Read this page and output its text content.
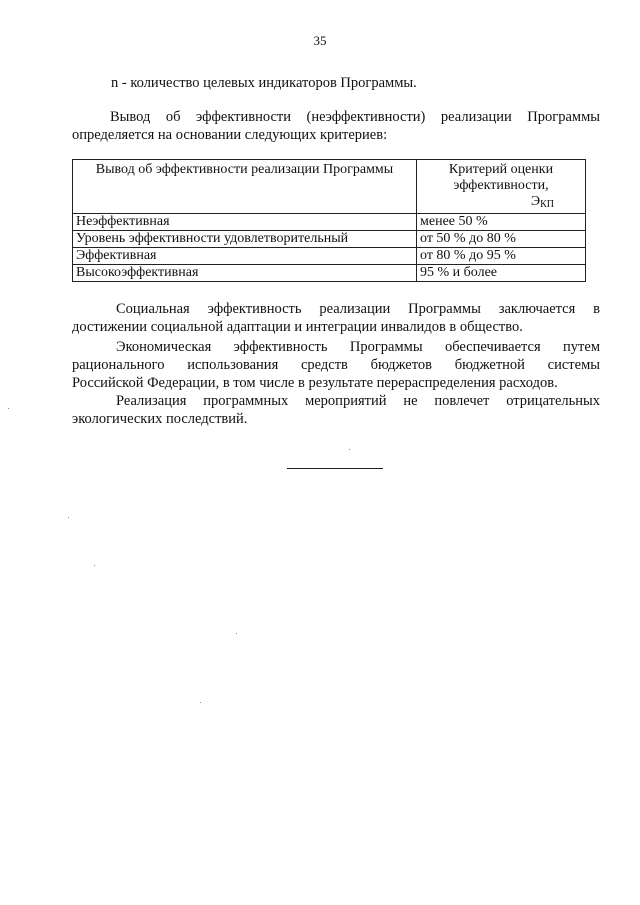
35
n - количество целевых индикаторов Программы.
Вывод об эффективности (неэффективности) реализации Программы
определяется на основании следующих критериев:
Вывод об эффективности реализации Программы	Критерий оценки
эффективности,
$Э_{КП}$

Неэффективная	менее 50 %
Уровень эффективности удовлетворительный	от 50 % до 80 %
Эффективная	от 80 % до 95 %
Высокоэффективная	95 % и более
Социальная эффективность реализации Программы заключается в
достижении социальной адаптации и интеграции инвалидов в общество.
Экономическая эффективность Программы обеспечивается путем
рационального использования средств бюджетов бюджетной системы
Российской Федерации, в том числе в результате перераспределения расходов.
Реализация программных мероприятий не повлечет отрицательных
экологических последствий.
